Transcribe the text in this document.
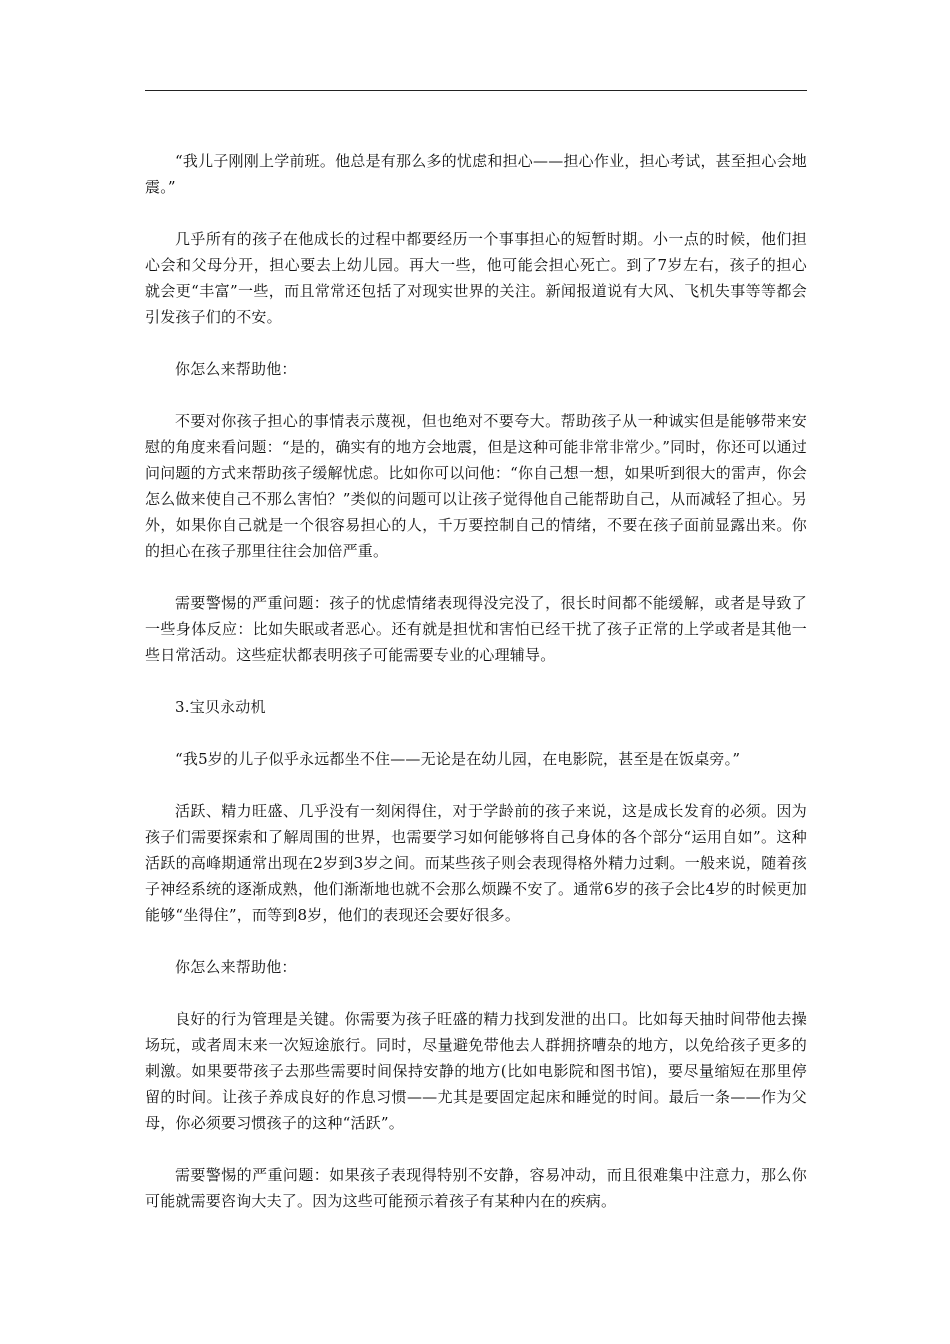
“我儿子刚刚上学前班。他总是有那么多的忧虑和担心——担心作业，担心考试，甚至担心会地震。”

几乎所有的孩子在他成长的过程中都要经历一个事事担心的短暂时期。小一点的时候，他们担心会和父母分开，担心要去上幼儿园。再大一些，他可能会担心死亡。到了7岁左右，孩子的担心就会更“丰富”一些，而且常常还包括了对现实世界的关注。新闻报道说有大风、飞机失事等等都会引发孩子们的不安。

你怎么来帮助他：

不要对你孩子担心的事情表示蔑视，但也绝对不要夸大。帮助孩子从一种诚实但是能够带来安慰的角度来看问题：“是的，确实有的地方会地震，但是这种可能非常非常少。”同时，你还可以通过问问题的方式来帮助孩子缓解忧虑。比如你可以问他：“你自己想一想，如果听到很大的雷声，你会怎么做来使自己不那么害怕？”类似的问题可以让孩子觉得他自己能帮助自己，从而减轻了担心。另外，如果你自己就是一个很容易担心的人，千万要控制自己的情绪，不要在孩子面前显露出来。你的担心在孩子那里往往会加倍严重。

需要警惕的严重问题：孩子的忧虑情绪表现得没完没了，很长时间都不能缓解，或者是导致了一些身体反应：比如失眠或者恶心。还有就是担忧和害怕已经干扰了孩子正常的上学或者是其他一些日常活动。这些症状都表明孩子可能需要专业的心理辅导。

3.宝贝永动机

“我5岁的儿子似乎永远都坐不住——无论是在幼儿园，在电影院，甚至是在饭桌旁。”

活跃、精力旺盛、几乎没有一刻闲得住，对于学龄前的孩子来说，这是成长发育的必须。因为孩子们需要探索和了解周围的世界，也需要学习如何能够将自己身体的各个部分“运用自如”。这种活跃的高峰期通常出现在2岁到3岁之间。而某些孩子则会表现得格外精力过剩。一般来说，随着孩子神经系统的逐渐成熟，他们渐渐地也就不会那么烦躁不安了。通常6岁的孩子会比4岁的时候更加能够“坐得住”，而等到8岁，他们的表现还会要好很多。

你怎么来帮助他：

良好的行为管理是关键。你需要为孩子旺盛的精力找到发泄的出口。比如每天抽时间带他去操场玩，或者周末来一次短途旅行。同时，尽量避免带他去人群拥挤嘈杂的地方，以免给孩子更多的刺激。如果要带孩子去那些需要时间保持安静的地方(比如电影院和图书馆)，要尽量缩短在那里停留的时间。让孩子养成良好的作息习惯——尤其是要固定起床和睡觉的时间。最后一条——作为父母，你必须要习惯孩子的这种“活跃”。

需要警惕的严重问题：如果孩子表现得特别不安静，容易冲动，而且很难集中注意力，那么你可能就需要咨询大夫了。因为这些可能预示着孩子有某种内在的疾病。
